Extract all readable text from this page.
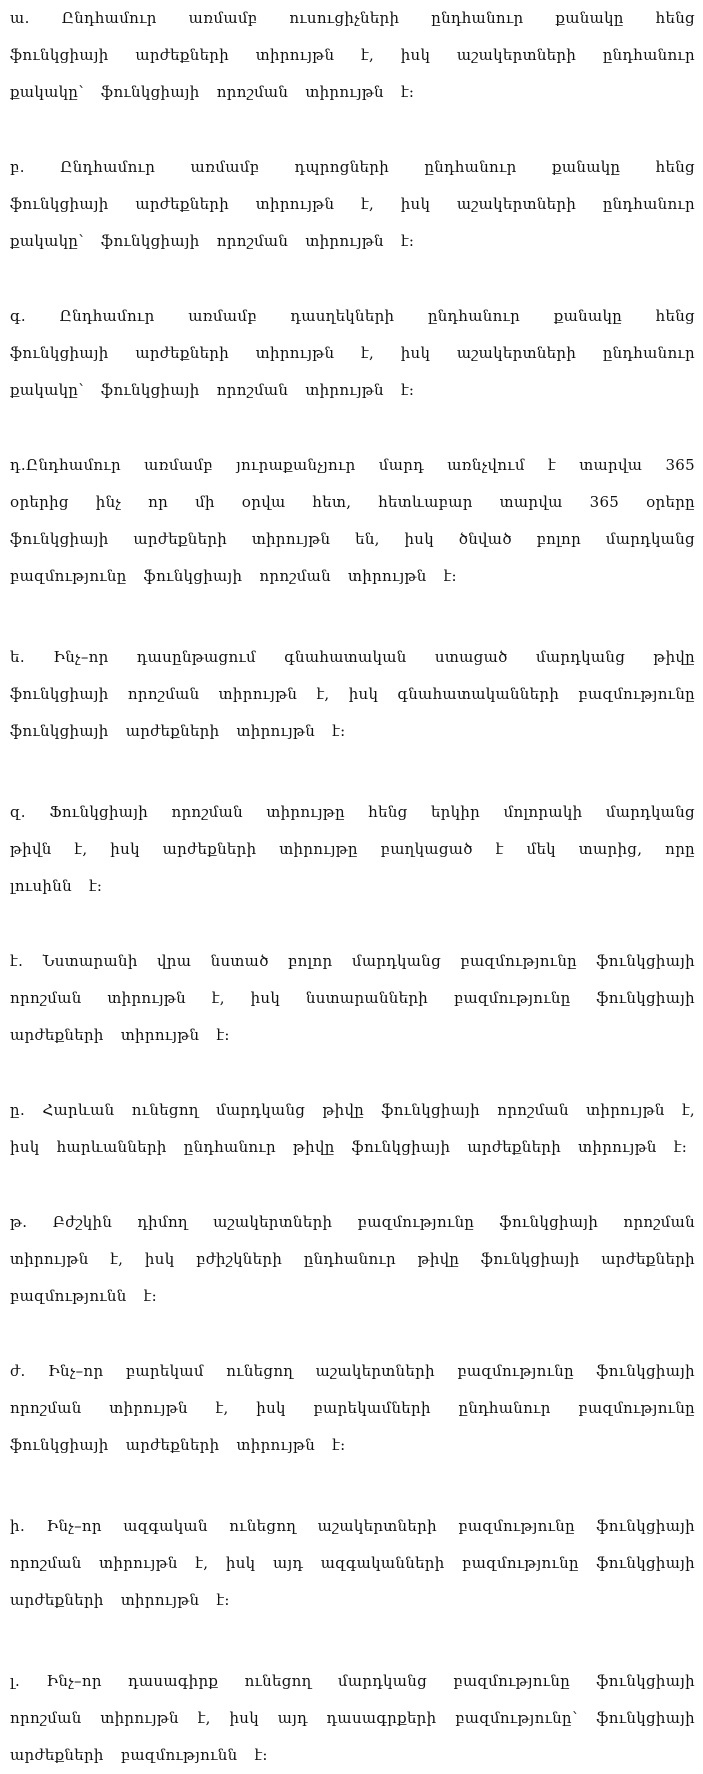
ա․ Ընդհամուր առմամբ ուսուցիչների ընդհանուր քանակը հենց ֆունկցիայի արժեքների տիրույթն է, իսկ աշակերտների ընդհանուր քակակը՝ ֆունկցիայի որոշման տիրույթն է:

բ․ Ընդհամուր առմամբ դպրոցների ընդհանուր քանակը հենց ֆունկցիայի արժեքների տիրույթն է, իսկ աշակերտների ընդհանուր քակակը՝ ֆունկցիայի որոշման տիրույթն է:

գ․ Ընդհամուր առմամբ դասղեկների ընդհանուր քանակը հենց ֆունկցիայի արժեքների տիրույթն է, իսկ աշակերտների ընդհանուր քակակը՝ ֆունկցիայի որոշման տիրույթն է:

դ․Ընդհամուր առմամբ յուրաքանչյուր մարդ առնչվում է տարվա 365 օրերից ինչ որ մի օրվա հետ, հետևաբար տարվա 365 օրերը ֆունկցիայի արժեքների տիրույթն են, իսկ ծնված բոլոր մարդկանց բազմությունը ֆունկցիայի որոշման տիրույթն է:

ե․ Ինչ–որ դասընթացում գնահատական ստացած մարդկանց թիվը ֆունկցիայի որոշման տիրույթն է, իսկ գնահատականների բազմությունը ֆունկցիայի արժեքների տիրույթն է:

զ․ Ֆունկցիայի որոշման տիրույթը հենց երկիր մոլորակի մարդկանց թիվն է, իսկ արժեքների տիրույթը բաղկացած է մեկ տարից, որը լուսինն է:

է․ Նստարանի վրա նստած բոլոր մարդկանց բազմությունը ֆունկցիայի որոշման տիրույթն է, իսկ նստարանների բազմությունը ֆունկցիայի արժեքների տիրույթն է:

ը․ Հարևան ունեցող մարդկանց թիվը ֆունկցիայի որոշման տիրույթն է, իսկ հարևանների ընդհանուր թիվը ֆունկցիայի արժեքների տիրույթն է:

թ․ Բժշկին դիմող աշակերտների բազմությունը ֆունկցիայի որոշման տիրույթն է, իսկ բժիշկների ընդհանուր թիվը ֆունկցիայի արժեքների բազմությունն է:

ժ․ Ինչ–որ բարեկամ ունեցող աշակերտների բազմությունը ֆունկցիայի որոշման տիրույթն է, իսկ բարեկամների ընդհանուր բազմությունը ֆունկցիայի արժեքների տիրույթն է:

ի․ Ինչ–որ ազգական ունեցող աշակերտների բազմությունը ֆունկցիայի որոշման տիրույթն է, իսկ այդ ազգականների բազմությունը ֆունկցիայի արժեքների տիրույթն է:

լ․ Ինչ–որ դասագիրք ունեցող մարդկանց բազմությունը ֆունկցիայի որոշման տիրույթն է, իսկ այդ դասագրքերի բազմությունը՝ ֆունկցիայի արժեքների բազմությունն է:
